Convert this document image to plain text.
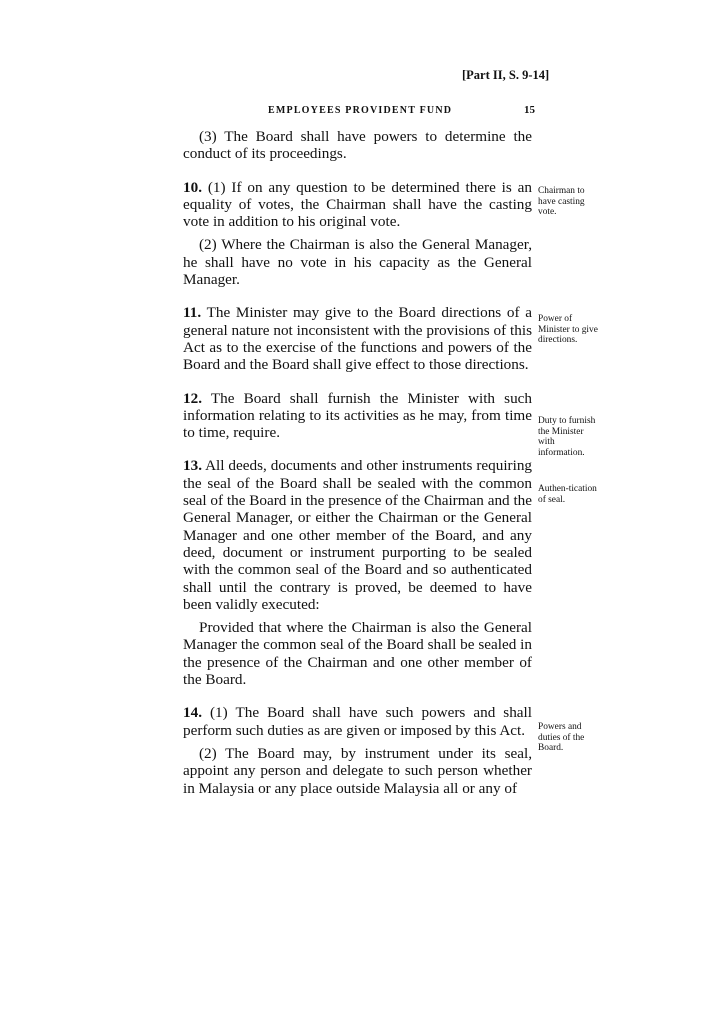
[Part II, S. 9-14]
EMPLOYEES PROVIDENT FUND	15

(3) The Board shall have powers to determine the conduct of its proceedings.

10. (1) If on any question to be determined there is an equality of votes, the Chairman shall have the casting vote in addition to his original vote.

(2) Where the Chairman is also the General Manager, he shall have no vote in his capacity as the General Manager.

11. The Minister may give to the Board directions of a general nature not inconsistent with the provisions of this Act as to the exercise of the functions and powers of the Board and the Board shall give effect to those directions.

12. The Board shall furnish the Minister with such information relating to its activities as he may, from time to time, require.

13. All deeds, documents and other instruments requiring the seal of the Board shall be sealed with the common seal of the Board in the presence of the Chairman and the General Manager, or either the Chairman or the General Manager and one other member of the Board, and any deed, document or instrument purporting to be sealed with the common seal of the Board and so authenticated shall until the contrary is proved, be deemed to have been validly executed:

Provided that where the Chairman is also the General Manager the common seal of the Board shall be sealed in the presence of the Chairman and one other member of the Board.

14. (1) The Board shall have such powers and shall perform such duties as are given or imposed by this Act.

(2) The Board may, by instrument under its seal, appoint any person and delegate to such person whether in Malaysia or any place outside Malaysia all or any of

Chairman to have casting vote.
Power of Minister to give directions.
Duty to furnish the Minister with information.
Authen-tication of seal.
Powers and duties of the Board.
